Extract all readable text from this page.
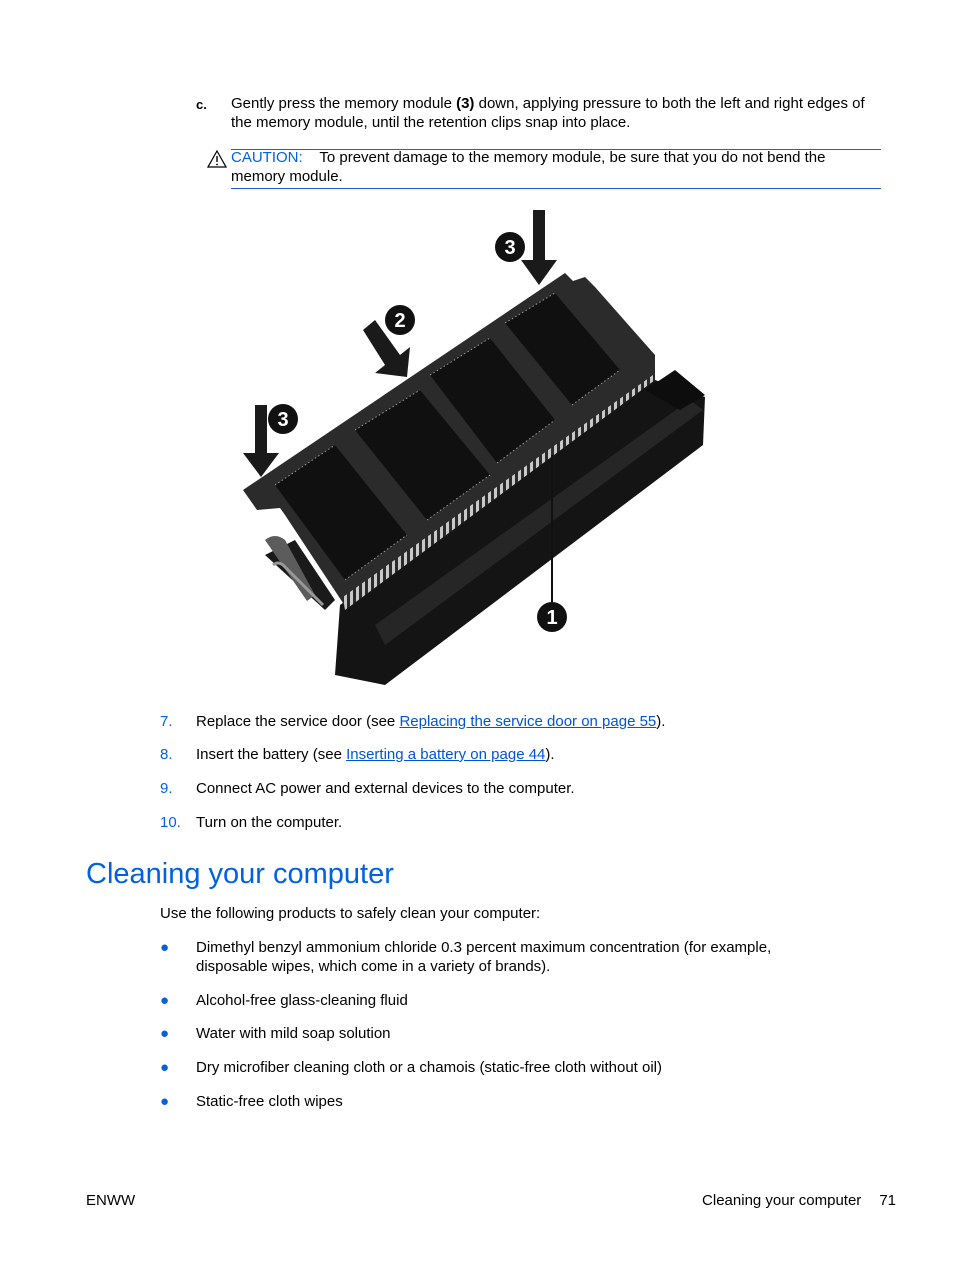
c. Gently press the memory module (3) down, applying pressure to both the left and right edges of the memory module, until the retention clips snap into place.
CAUTION: To prevent damage to the memory module, be sure that you do not bend the memory module.
1
2
3
3
7. Replace the service door (see Replacing the service door on page 55).
8. Insert the battery (see Inserting a battery on page 44).
9. Connect AC power and external devices to the computer.
10. Turn on the computer.
Cleaning your computer
Use the following products to safely clean your computer:
● Dimethyl benzyl ammonium chloride 0.3 percent maximum concentration (for example, disposable wipes, which come in a variety of brands).
● Alcohol-free glass-cleaning fluid
● Water with mild soap solution
● Dry microfiber cleaning cloth or a chamois (static-free cloth without oil)
● Static-free cloth wipes
ENWW	Cleaning your computer 71
